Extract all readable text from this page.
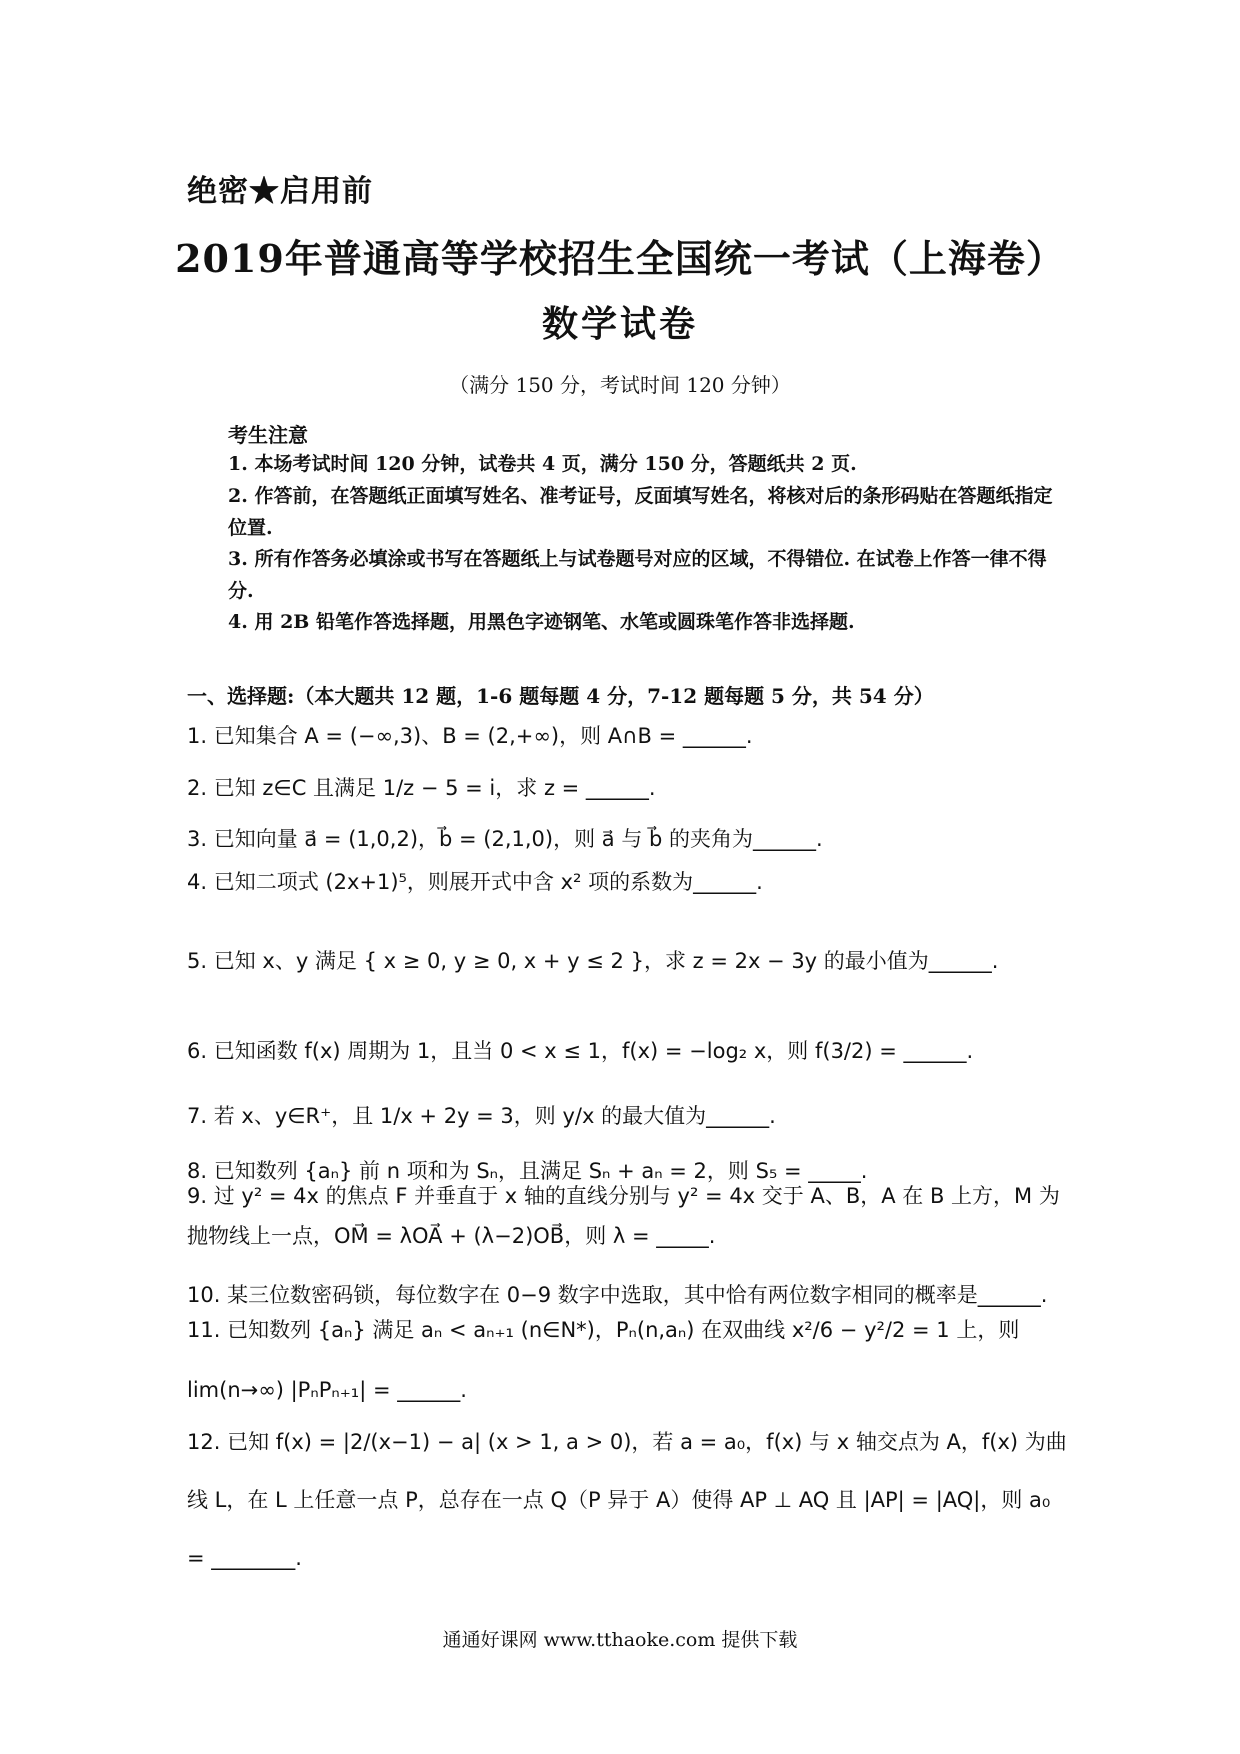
绝密★启用前
2019年普通高等学校招生全国统一考试（上海卷）
数学试卷
（满分 150 分，考试时间 120 分钟）
考生注意
1. 本场考试时间 120 分钟，试卷共 4 页，满分 150 分，答题纸共 2 页.
2. 作答前，在答题纸正面填写姓名、准考证号，反面填写姓名，将核对后的条形码贴在答题纸指定位置.
3. 所有作答务必填涂或书写在答题纸上与试卷题号对应的区域，不得错位. 在试卷上作答一律不得分.
4. 用 2B 铅笔作答选择题，用黑色字迹钢笔、水笔或圆珠笔作答非选择题.
一、选择题:（本大题共 12 题，1-6 题每题 4 分，7-12 题每题 5 分，共 54 分）
1. 已知集合 A = (−∞,3)、B = (2,+∞)，则 A∩B = ______.
2. 已知 z∈C 且满足 1/z − 5 = i，求 z = ______.
3. 已知向量 a⃗ = (1,0,2)，b⃗ = (2,1,0)，则 a⃗ 与 b⃗ 的夹角为______.
4. 已知二项式 (2x+1)⁵，则展开式中含 x² 项的系数为______.
5. 已知 x、y 满足 { x ≥ 0, y ≥ 0, x + y ≤ 2 }，求 z = 2x − 3y 的最小值为______.
6. 已知函数 f(x) 周期为 1，且当 0 < x ≤ 1，f(x) = −log₂ x，则 f(3/2) = ______.
7. 若 x、y∈R⁺，且 1/x + 2y = 3，则 y/x 的最大值为______.
8. 已知数列 {aₙ} 前 n 项和为 Sₙ，且满足 Sₙ + aₙ = 2，则 S₅ = _____.
9. 过 y² = 4x 的焦点 F 并垂直于 x 轴的直线分别与 y² = 4x 交于 A、B，A 在 B 上方，M 为抛物线上一点，OM⃗ = λOA⃗ + (λ−2)OB⃗，则 λ = _____.
10. 某三位数密码锁，每位数字在 0−9 数字中选取，其中恰有两位数字相同的概率是______.
11. 已知数列 {aₙ} 满足 aₙ < aₙ₊₁ (n∈N*)，Pₙ(n,aₙ) 在双曲线 x²/6 − y²/2 = 1 上，则 lim(n→∞) |PₙPₙ₊₁| = ______.
12. 已知 f(x) = |2/(x−1) − a| (x > 1, a > 0)，若 a = a₀，f(x) 与 x 轴交点为 A，f(x) 为曲线 L，在 L 上任意一点 P，总存在一点 Q（P 异于 A）使得 AP ⊥ AQ 且 |AP| = |AQ|，则 a₀ = ________.
通通好课网 www.tthaoke.com 提供下载
